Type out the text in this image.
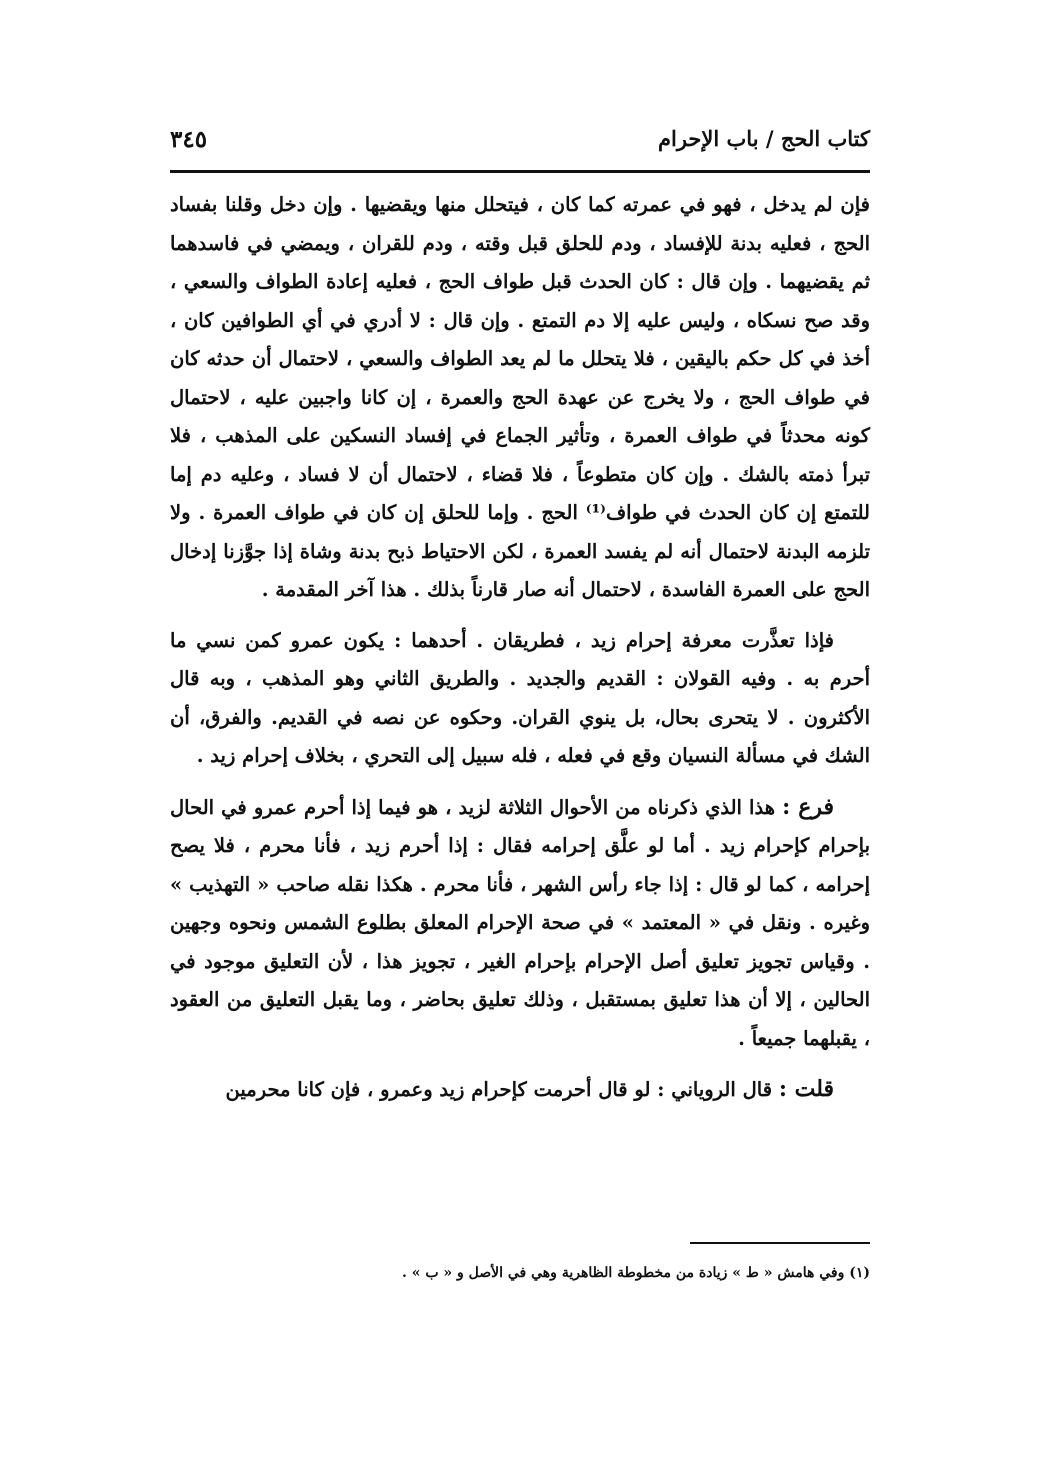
كتاب الحج / باب الإحرام
٣٤٥

فإن لم يدخل ، فهو في عمرته كما كان ، فيتحلل منها ويقضيها . وإن دخل وقلنا بفساد الحج ، فعليه بدنة للإفساد ، ودم للحلق قبل وقته ، ودم للقران ، ويمضي في فاسدهما ثم يقضيهما . وإن قال : كان الحدث قبل طواف الحج ، فعليه إعادة الطواف والسعي ، وقد صح نسكاه ، وليس عليه إلا دم التمتع . وإن قال : لا أدري في أي الطوافين كان ، أخذ في كل حكم باليقين ، فلا يتحلل ما لم يعد الطواف والسعي ، لاحتمال أن حدثه كان في طواف الحج ، ولا يخرج عن عهدة الحج والعمرة ، إن كانا واجبين عليه ، لاحتمال كونه محدثاً في طواف العمرة ، وتأثير الجماع في إفساد النسكين على المذهب ، فلا تبرأ ذمته بالشك . وإن كان متطوعاً ، فلا قضاء ، لاحتمال أن لا فساد ، وعليه دم إما للتمتع إن كان الحدث في طواف⁽¹⁾ الحج . وإما للحلق إن كان في طواف العمرة . ولا تلزمه البدنة لاحتمال أنه لم يفسد العمرة ، لكن الاحتياط ذبح بدنة وشاة إذا جوَّزنا إدخال الحج على العمرة الفاسدة ، لاحتمال أنه صار قارناً بذلك . هذا آخر المقدمة .

فإذا تعذَّرت معرفة إحرام زيد ، فطريقان . أحدهما : يكون عمرو كمن نسي ما أحرم به . وفيه القولان : القديم والجديد . والطريق الثاني وهو المذهب ، وبه قال الأكثرون . لا يتحرى بحال، بل ينوي القران. وحكوه عن نصه في القديم. والفرق، أن الشك في مسألة النسيان وقع في فعله ، فله سبيل إلى التحري ، بخلاف إحرام زيد .

فرع : هذا الذي ذكرناه من الأحوال الثلاثة لزيد ، هو فيما إذا أحرم عمرو في الحال بإحرام كإحرام زيد . أما لو علَّق إحرامه فقال : إذا أحرم زيد ، فأنا محرم ، فلا يصح إحرامه ، كما لو قال : إذا جاء رأس الشهر ، فأنا محرم . هكذا نقله صاحب « التهذيب » وغيره . ونقل في « المعتمد » في صحة الإحرام المعلق بطلوع الشمس ونحوه وجهين . وقياس تجويز تعليق أصل الإحرام بإحرام الغير ، تجويز هذا ، لأن التعليق موجود في الحالين ، إلا أن هذا تعليق بمستقبل ، وذلك تعليق بحاضر ، وما يقبل التعليق من العقود ، يقبلهما جميعاً .

قلت : قال الروياني : لو قال أحرمت كإحرام زيد وعمرو ، فإن كانا محرمين

(١) وفي هامش « ط » زيادة من مخطوطة الظاهرية وهي في الأصل و « ب » .
